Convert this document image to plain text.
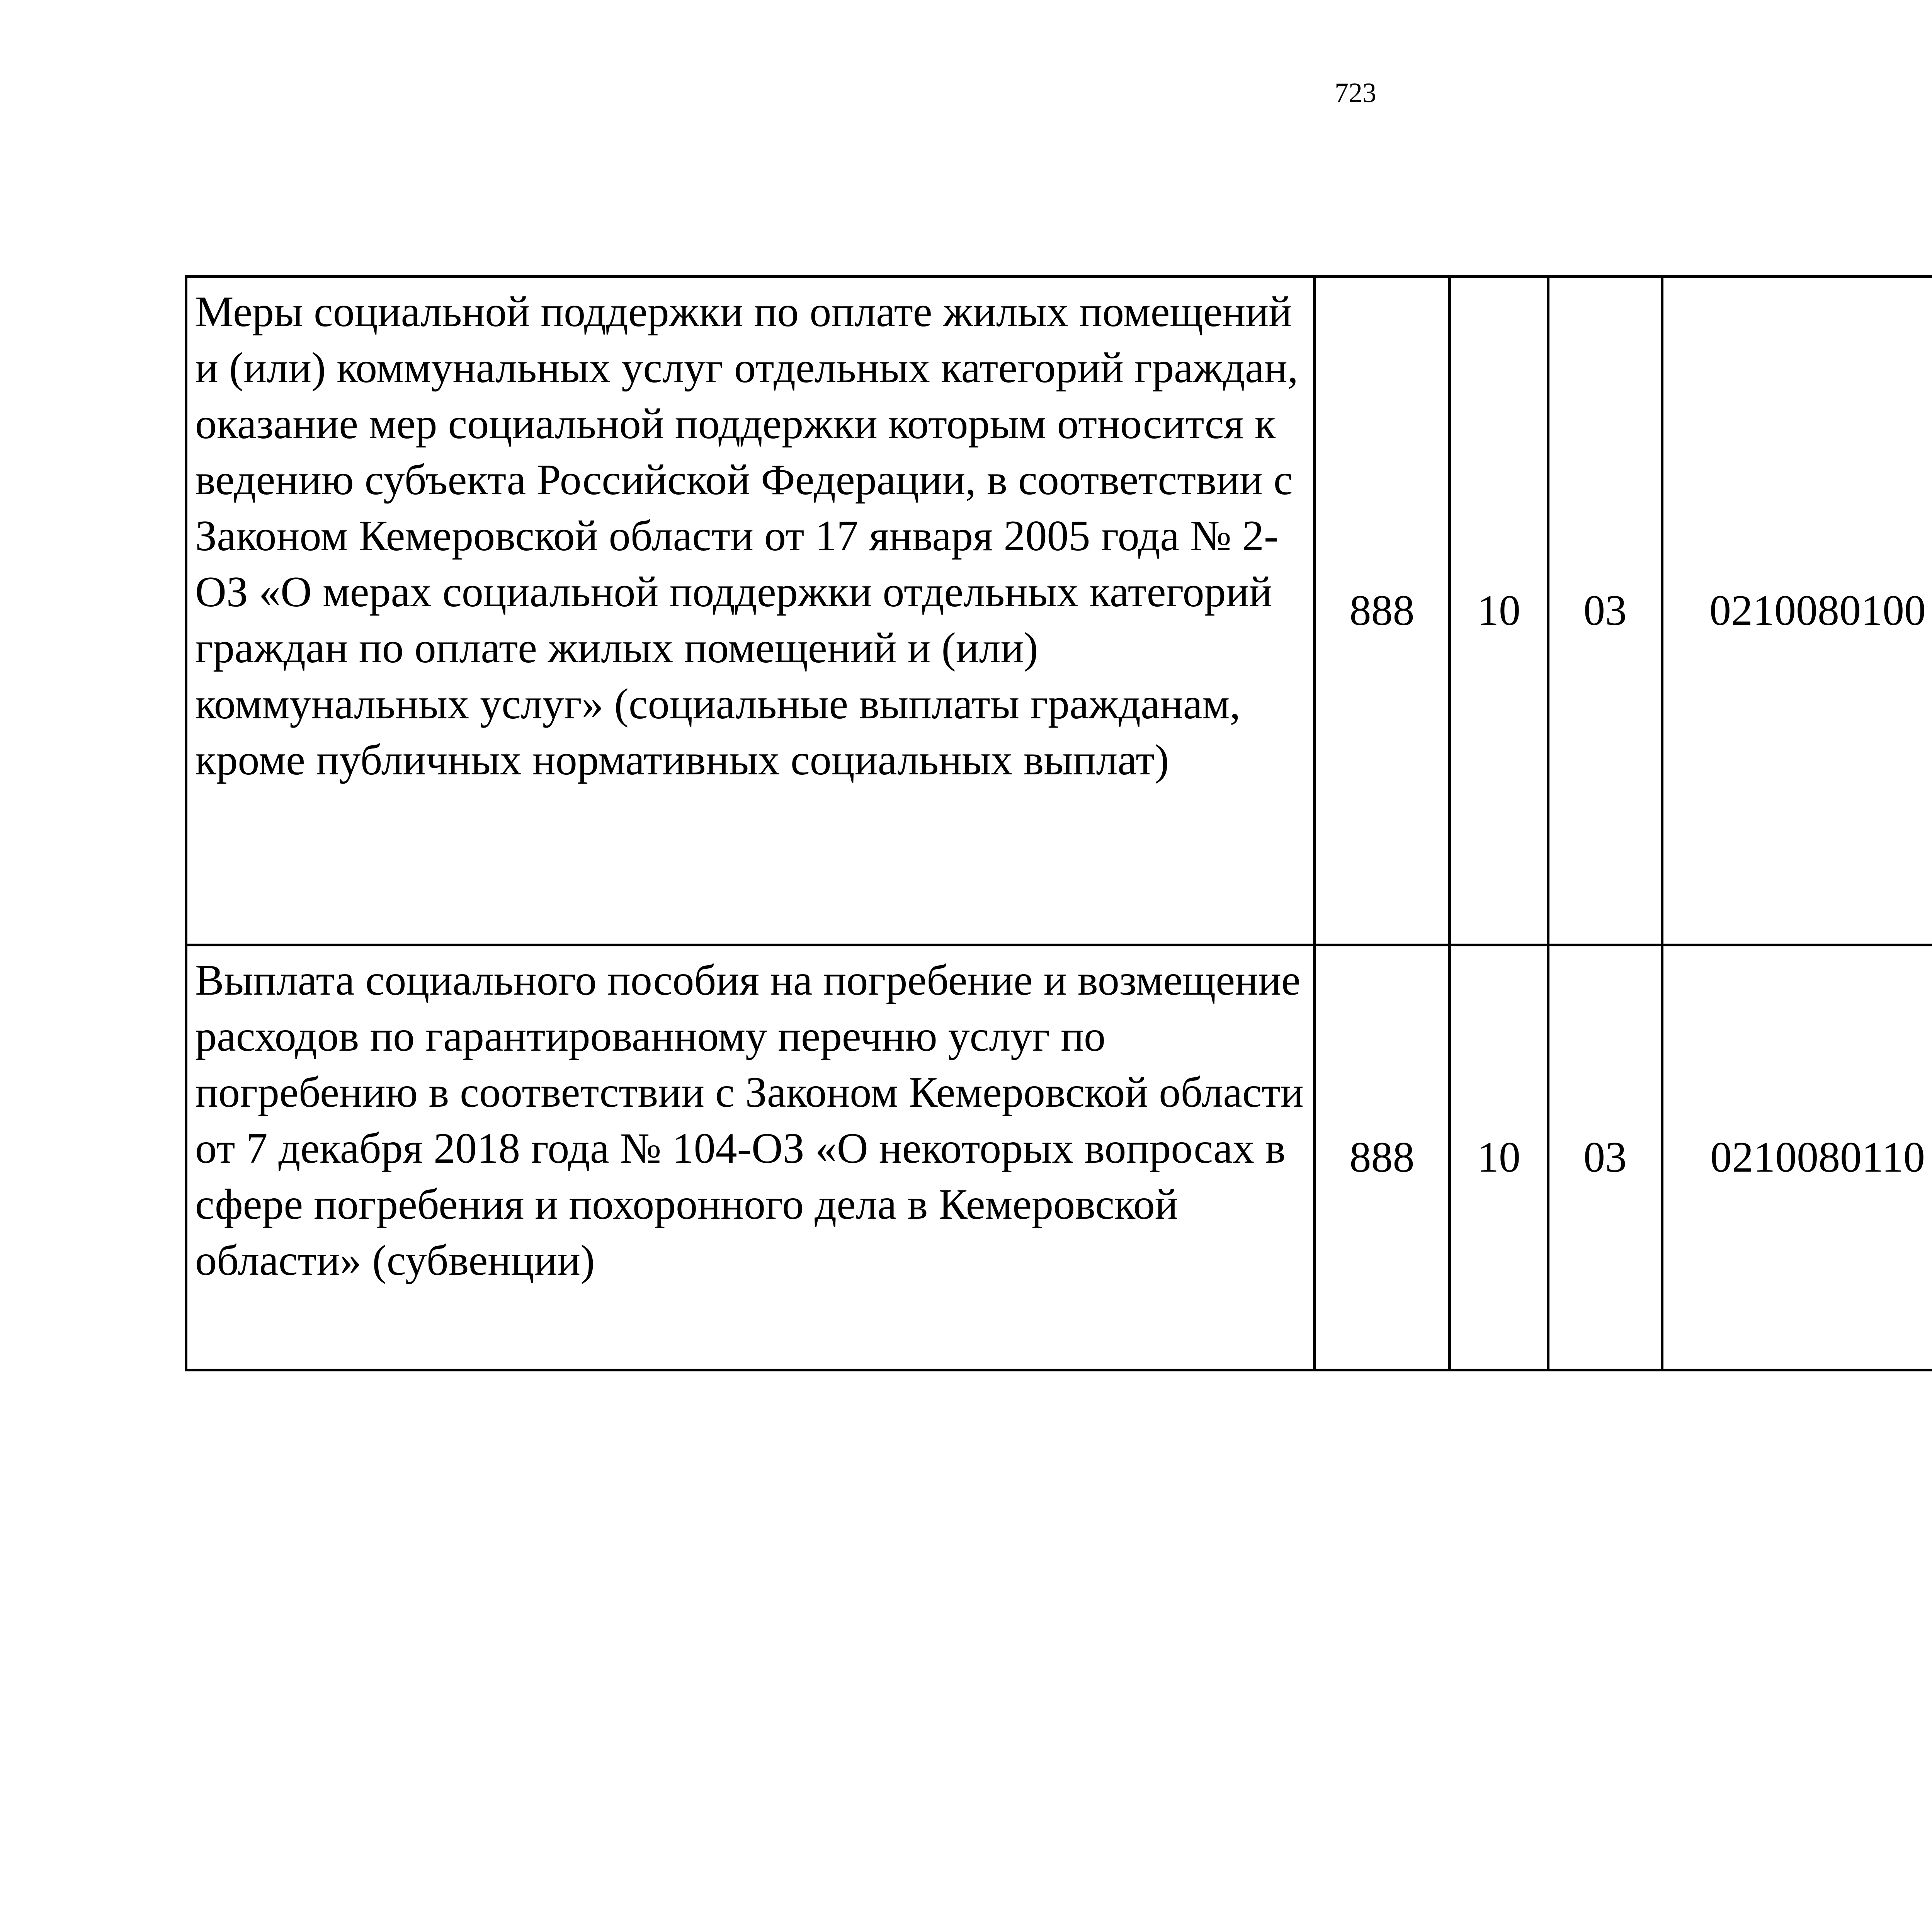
723
Меры социальной поддержки по оплате жилых помещений и (или) коммунальных услуг отдельных категорий граждан, оказание мер социальной поддержки которым относится к ведению субъекта Российской Федерации, в соответствии с Законом Кемеровской области от 17 января 2005 года № 2-ОЗ «О мерах социальной поддержки отдельных категорий граждан по оплате жилых помещений и (или) коммунальных услуг» (социальные выплаты гражданам, кроме публичных нормативных социальных выплат)	888	10	03	0210080100		
Выплата социального пособия на погребение и возмещение расходов по гарантированному перечню услуг по погребению в соответствии с Законом Кемеровской области от 7 декабря 2018 года № 104-ОЗ «О некоторых вопросах в сфере погребения и похоронного дела в Кемеровской области» (субвенции)	888	10	03	0210080110		
